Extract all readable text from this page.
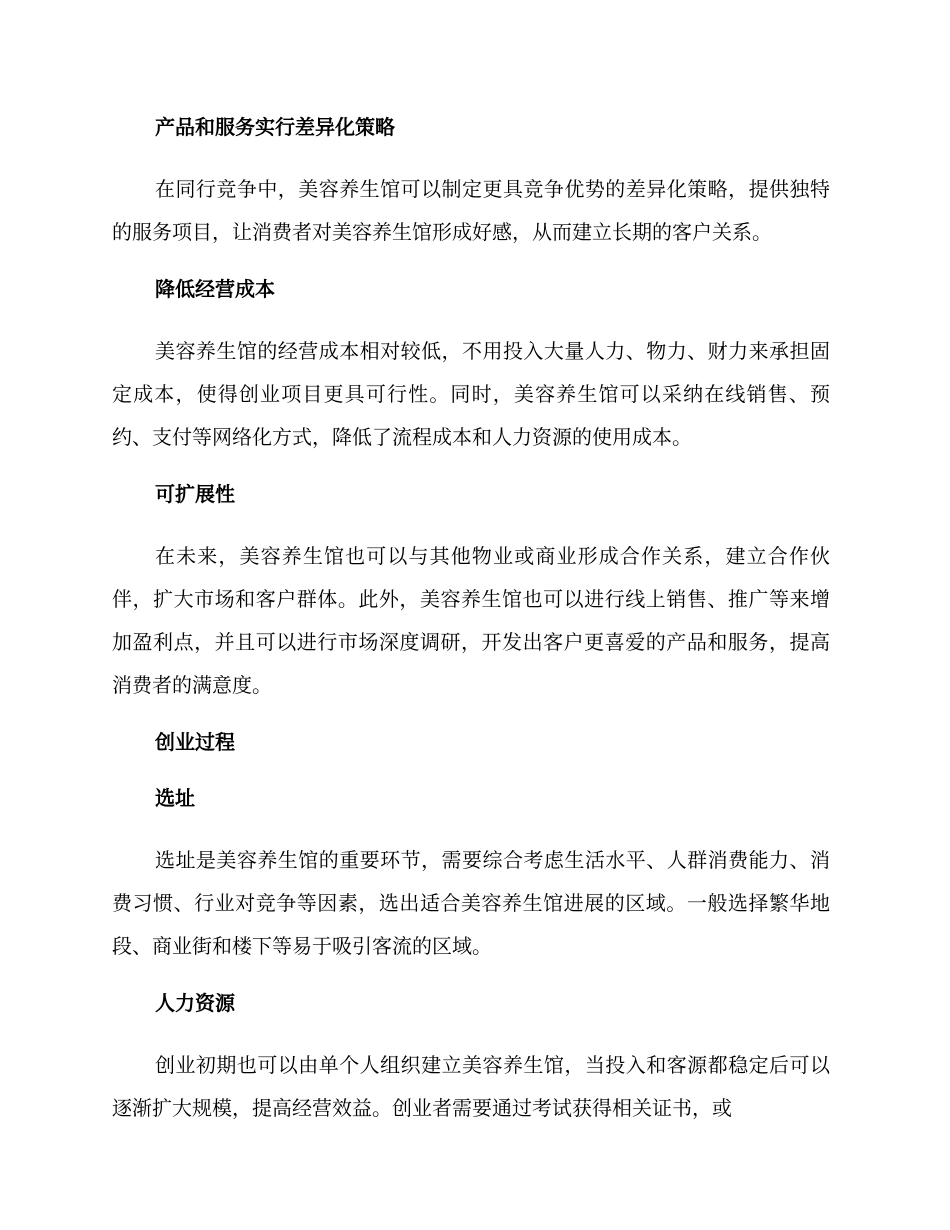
产品和服务实行差异化策略
在同行竞争中，美容养生馆可以制定更具竞争优势的差异化策略，提供独特的服务项目，让消费者对美容养生馆形成好感，从而建立长期的客户关系。
降低经营成本
美容养生馆的经营成本相对较低，不用投入大量人力、物力、财力来承担固定成本，使得创业项目更具可行性。同时，美容养生馆可以采纳在线销售、预约、支付等网络化方式，降低了流程成本和人力资源的使用成本。
可扩展性
在未来，美容养生馆也可以与其他物业或商业形成合作关系，建立合作伙伴，扩大市场和客户群体。此外，美容养生馆也可以进行线上销售、推广等来增加盈利点，并且可以进行市场深度调研，开发出客户更喜爱的产品和服务，提高消费者的满意度。
创业过程
选址
选址是美容养生馆的重要环节，需要综合考虑生活水平、人群消费能力、消费习惯、行业对竞争等因素，选出适合美容养生馆进展的区域。一般选择繁华地段、商业街和楼下等易于吸引客流的区域。
人力资源
创业初期也可以由单个人组织建立美容养生馆，当投入和客源都稳定后可以逐渐扩大规模，提高经营效益。创业者需要通过考试获得相关证书，或
